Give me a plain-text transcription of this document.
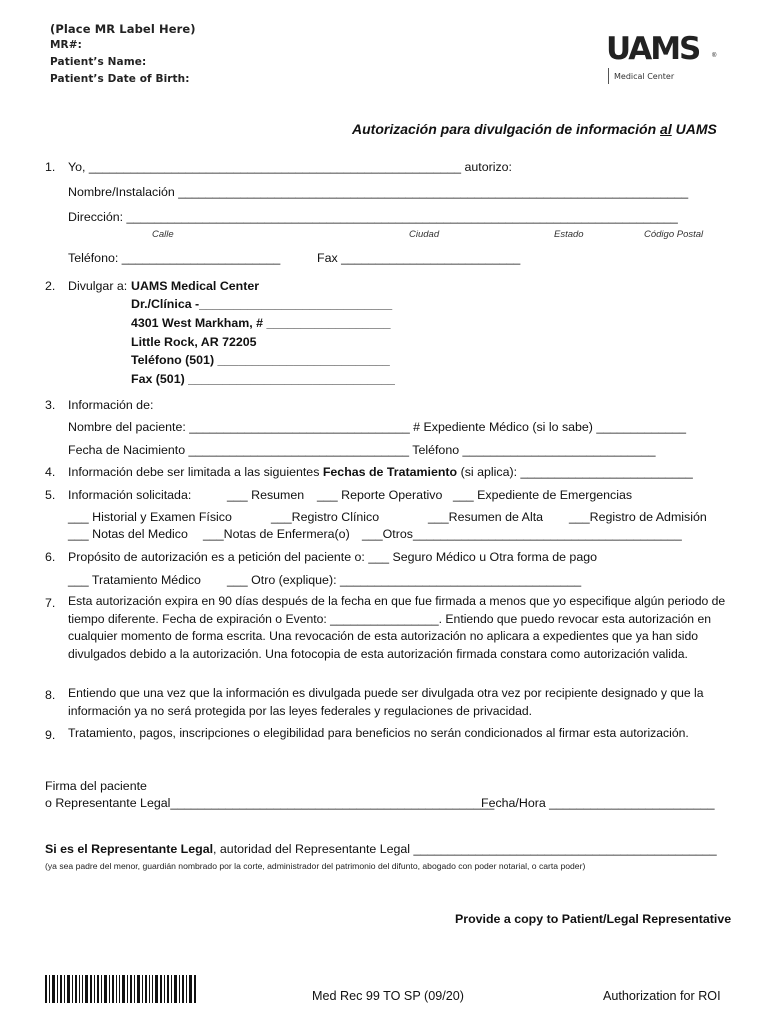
(Place MR Label Here)
MR#:
Patient’s Name:
Patient’s Date of Birth:
UAMS ®
Medical Center
Autorización para divulgación de información al UAMS
1. Yo, ______________________________________________________ autorizo:
Nombre/Instalación __________________________________________________________________________
Dirección: ________________________________________________________________________________
Calle	Ciudad	Estado	Código Postal
Teléfono: _______________________	Fax __________________________
2. Divulgar a: UAMS Medical Center
Dr./Clínica -____________________________
4301 West Markham, # __________________
Little Rock, AR 72205
Teléfono (501) _________________________
Fax (501) ______________________________
3. Información de:
Nombre del paciente: ________________________________ # Expediente Médico (si lo sabe) _____________
Fecha de Nacimiento ________________________________ Teléfono ____________________________
4. Información debe ser limitada a las siguientes Fechas de Tratamiento (si aplica): _________________________
5. Información solicitada:	___ Resumen ___ Reporte Operativo ___ Expediente de Emergencias
___ Historial y Examen Físico	___Registro Clínico	___Resumen de Alta ___Registro de Admisión
___ Notas del Medico ___Notas de Enfermera(o) ___Otros_______________________________________
6. Propósito de autorización es a petición del paciente o: ___ Seguro Médico u Otra forma de pago
___ Tratamiento Médico ___ Otro (explique): ___________________________________
7. Esta autorización expira en 90 días después de la fecha en que fue firmada a menos que yo especifique algún periodo de tiempo diferente. Fecha de expiración o Evento: ________________. Entiendo que puedo revocar esta autorización en cualquier momento de forma escrita. Una revocación de esta autorización no aplicara a expedientes que ya han sido divulgados debido a la autorización. Una fotocopia de esta autorización firmada constara como autorización valida.
8. Entiendo que una vez que la información es divulgada puede ser divulgada otra vez por recipiente designado y que la información ya no será protegida por las leyes federales y regulaciones de privacidad.
9. Tratamiento, pagos, inscripciones o elegibilidad para beneficios no serán condicionados al firmar esta autorización.
Firma del paciente
o Representante Legal_______________________________________________
Fecha/Hora ________________________
Si es el Representante Legal, autoridad del Representante Legal ____________________________________________
(ya sea padre del menor, guardián nombrado por la corte, administrador del patrimonio del difunto, abogado con poder notarial, o carta poder)
Provide a copy to Patient/Legal Representative
Med Rec 99 TO SP (09/20)	Authorization for ROI
